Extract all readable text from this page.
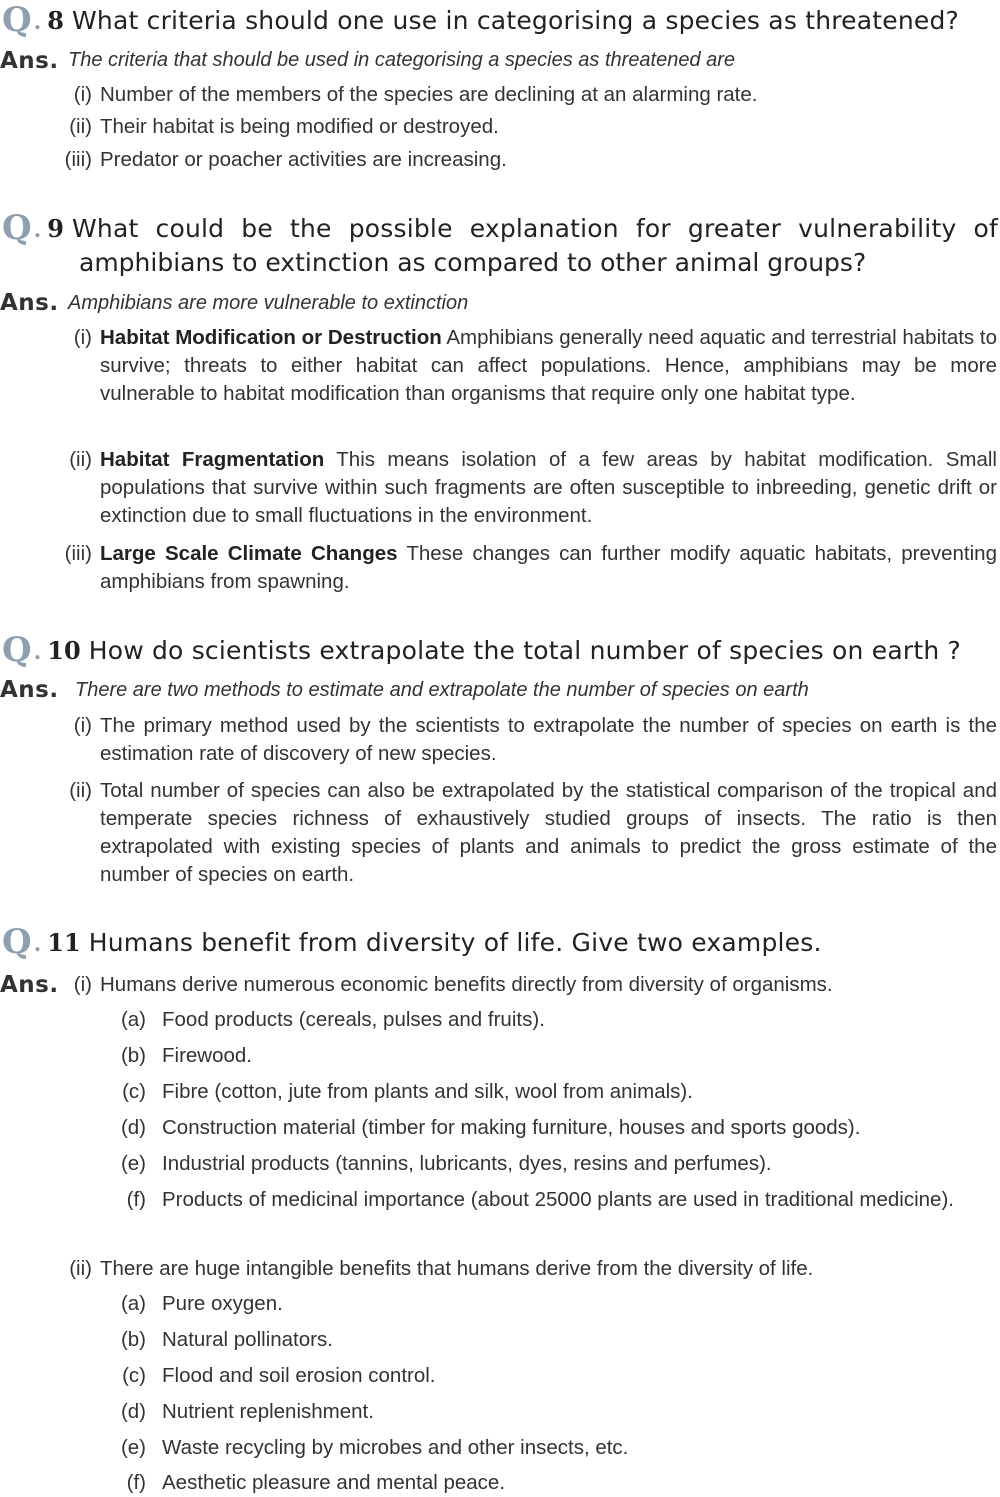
Q. 8 What criteria should one use in categorising a species as threatened?
Ans. The criteria that should be used in categorising a species as threatened are
(i) Number of the members of the species are declining at an alarming rate.
(ii) Their habitat is being modified or destroyed.
(iii) Predator or poacher activities are increasing.
Q. 9 What could be the possible explanation for greater vulnerability of
amphibians to extinction as compared to other animal groups?
Ans. Amphibians are more vulnerable to extinction
(i) Habitat Modification or Destruction Amphibians generally need aquatic and terrestrial habitats to survive; threats to either habitat can affect populations. Hence, amphibians may be more vulnerable to habitat modification than organisms that require only one habitat type.
(ii) Habitat Fragmentation This means isolation of a few areas by habitat modification. Small populations that survive within such fragments are often susceptible to inbreeding, genetic drift or extinction due to small fluctuations in the environment.
(iii) Large Scale Climate Changes These changes can further modify aquatic habitats, preventing amphibians from spawning.
Q. 10 How do scientists extrapolate the total number of species on earth ?
Ans. There are two methods to estimate and extrapolate the number of species on earth
(i) The primary method used by the scientists to extrapolate the number of species on earth is the estimation rate of discovery of new species.
(ii) Total number of species can also be extrapolated by the statistical comparison of the tropical and temperate species richness of exhaustively studied groups of insects. The ratio is then extrapolated with existing species of plants and animals to predict the gross estimate of the number of species on earth.
Q. 11 Humans benefit from diversity of life. Give two examples.
Ans. (i) Humans derive numerous economic benefits directly from diversity of organisms.
(a) Food products (cereals, pulses and fruits).
(b) Firewood.
(c) Fibre (cotton, jute from plants and silk, wool from animals).
(d) Construction material (timber for making furniture, houses and sports goods).
(e) Industrial products (tannins, lubricants, dyes, resins and perfumes).
(f) Products of medicinal importance (about 25000 plants are used in traditional medicine).
(ii) There are huge intangible benefits that humans derive from the diversity of life.
(a) Pure oxygen.
(b) Natural pollinators.
(c) Flood and soil erosion control.
(d) Nutrient replenishment.
(e) Waste recycling by microbes and other insects, etc.
(f) Aesthetic pleasure and mental peace.
